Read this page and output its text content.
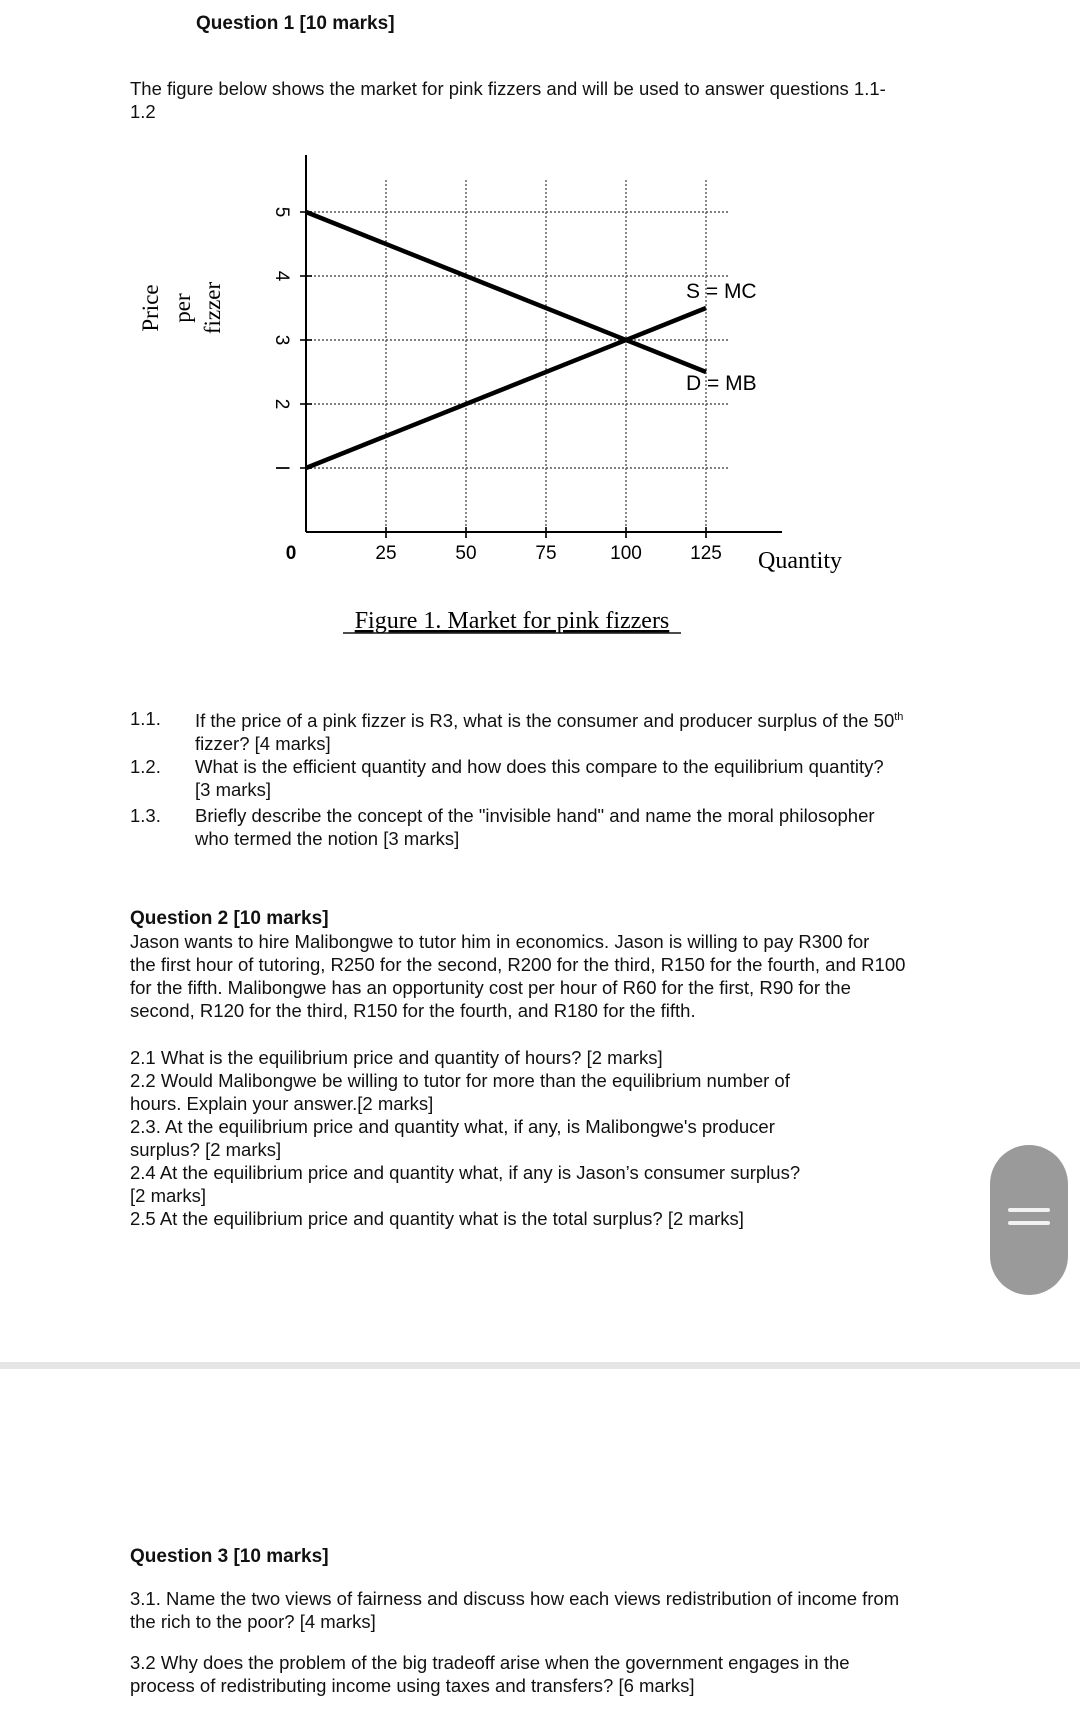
Question 1 [10 marks]
The figure below shows the market for pink fizzers and will be used to answer questions 1.1-
1.2
I
2
3
4
5
25	50	75	100	125
0
S = MC
D = MB
Quantity
Price per fizzer
Figure 1. Market for pink fizzers
1.1. If the price of a pink fizzer is R3, what is the consumer and producer surplus of the 50th
fizzer? [4 marks]
1.2. What is the efficient quantity and how does this compare to the equilibrium quantity?
[3 marks]
1.3. Briefly describe the concept of the "invisible hand" and name the moral philosopher
who termed the notion [3 marks]
Question 2 [10 marks]
Jason wants to hire Malibongwe to tutor him in economics. Jason is willing to pay R300 for
the first hour of tutoring, R250 for the second, R200 for the third, R150 for the fourth, and R100
for the fifth. Malibongwe has an opportunity cost per hour of R60 for the first, R90 for the
second, R120 for the third, R150 for the fourth, and R180 for the fifth.
2.1 What is the equilibrium price and quantity of hours? [2 marks]
2.2 Would Malibongwe be willing to tutor for more than the equilibrium number of
hours. Explain your answer.[2 marks]
2.3. At the equilibrium price and quantity what, if any, is Malibongwe's producer
surplus? [2 marks]
2.4 At the equilibrium price and quantity what, if any is Jason’s consumer surplus?
[2 marks]
2.5 At the equilibrium price and quantity what is the total surplus? [2 marks]
Question 3 [10 marks]
3.1. Name the two views of fairness and discuss how each views redistribution of income from
the rich to the poor? [4 marks]
3.2 Why does the problem of the big tradeoff arise when the government engages in the
process of redistributing income using taxes and transfers? [6 marks]
